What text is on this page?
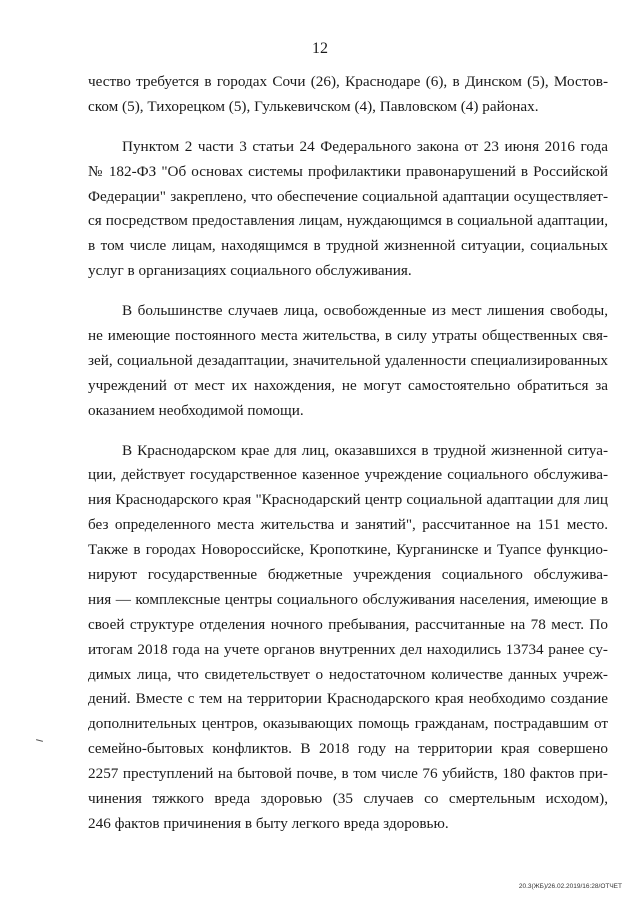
12
чество требуется в городах Сочи (26), Краснодаре (6), в Динском (5), Мостов-
ском (5), Тихорецком (5), Гулькевичском (4), Павловском (4) районах.
Пунктом 2 части 3 статьи 24 Федерального закона от 23 июня 2016 года
№ 182-ФЗ "Об основах системы профилактики правонарушений в Российской
Федерации" закреплено, что обеспечение социальной адаптации осуществляет-
ся посредством предоставления лицам, нуждающимся в социальной адаптации,
в том числе лицам, находящимся в трудной жизненной ситуации, социальных
услуг в организациях социального обслуживания.
В большинстве случаев лица, освобожденные из мест лишения свободы,
не имеющие постоянного места жительства, в силу утраты общественных свя-
зей, социальной дезадаптации, значительной удаленности специализированных
учреждений от мест их нахождения, не могут самостоятельно обратиться за
оказанием необходимой помощи.
В Краснодарском крае для лиц, оказавшихся в трудной жизненной ситуа-
ции, действует государственное казенное учреждение социального обслужива-
ния Краснодарского края "Краснодарский центр социальной адаптации для лиц
без определенного места жительства и занятий", рассчитанное на 151 место.
Также в городах Новороссийске, Кропоткине, Курганинске и Туапсе функцио-
нируют государственные бюджетные учреждения социального обслужива-
ния — комплексные центры социального обслуживания населения, имеющие в
своей структуре отделения ночного пребывания, рассчитанные на 78 мест. По
итогам 2018 года на учете органов внутренних дел находились 13734 ранее су-
димых лица, что свидетельствует о недостаточном количестве данных учреж-
дений. Вместе с тем на территории Краснодарского края необходимо создание
дополнительных центров, оказывающих помощь гражданам, пострадавшим от
семейно-бытовых конфликтов. В 2018 году на территории края совершено
2257 преступлений на бытовой почве, в том числе 76 убийств, 180 фактов при-
чинения тяжкого вреда здоровью (35 случаев со смертельным исходом),
246 фактов причинения в быту легкого вреда здоровью.
20.3(ЖБ)/26.02.2019/16:28/ОТЧЕТ
